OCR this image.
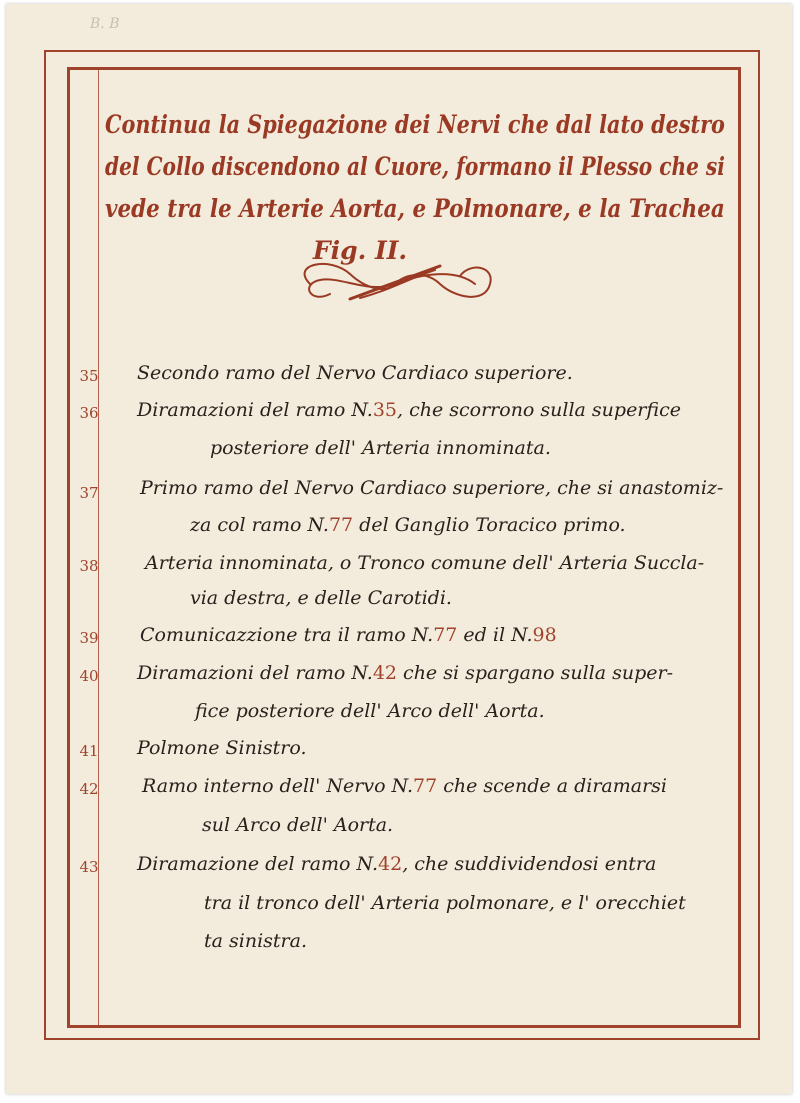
B. B
Continua la Spiegazione dei Nervi che dal lato destro
del Collo discendono al Cuore, formano il Plesso che si
vede tra le Arterie Aorta, e Polmonare, e la Trachea
Fig. II.
35 Secondo ramo del Nervo Cardiaco superiore.
36 Diramazioni del ramo N.35, che scorrono sulla superfice
posteriore dell' Arteria innominata.
37 Primo ramo del Nervo Cardiaco superiore, che si anastomiz-
za col ramo N.77 del Ganglio Toracico primo.
38 Arteria innominata, o Tronco comune dell' Arteria Succla-
via destra, e delle Carotidi.
39 Comunicazzione tra il ramo N.77 ed il N.98
40 Diramazioni del ramo N.42 che si spargano sulla super-
fice posteriore dell' Arco dell' Aorta.
41 Polmone Sinistro.
42 Ramo interno dell' Nervo N.77 che scende a diramarsi
sul Arco dell' Aorta.
43 Diramazione del ramo N.42, che suddividendosi entra
tra il tronco dell' Arteria polmonare, e l' orecchiet
ta sinistra.
